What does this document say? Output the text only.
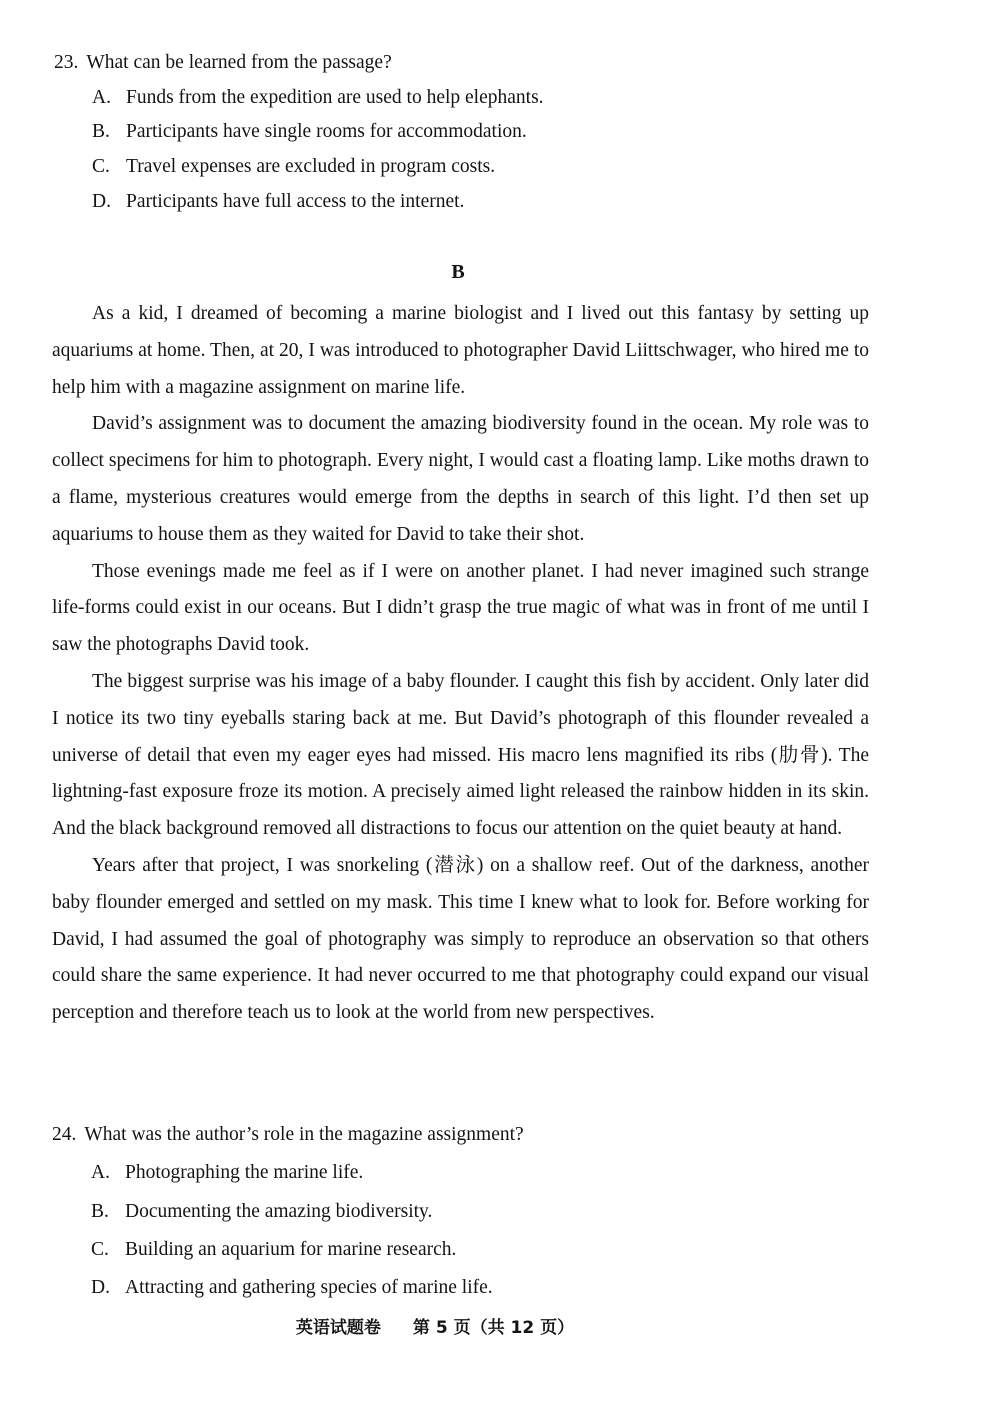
23. What can be learned from the passage?
A. Funds from the expedition are used to help elephants.
B. Participants have single rooms for accommodation.
C. Travel expenses are excluded in program costs.
D. Participants have full access to the internet.
B

As a kid, I dreamed of becoming a marine biologist and I lived out this fantasy by setting up aquariums at home. Then, at 20, I was introduced to photographer David Liittschwager, who hired me to help him with a magazine assignment on marine life.

David’s assignment was to document the amazing biodiversity found in the ocean. My role was to collect specimens for him to photograph. Every night, I would cast a floating lamp. Like moths drawn to a flame, mysterious creatures would emerge from the depths in search of this light. I’d then set up aquariums to house them as they waited for David to take their shot.

Those evenings made me feel as if I were on another planet. I had never imagined such strange life-forms could exist in our oceans. But I didn’t grasp the true magic of what was in front of me until I saw the photographs David took.

The biggest surprise was his image of a baby flounder. I caught this fish by accident. Only later did I notice its two tiny eyeballs staring back at me. But David’s photograph of this flounder revealed a universe of detail that even my eager eyes had missed. His macro lens magnified its ribs (肋骨). The lightning-fast exposure froze its motion. A precisely aimed light released the rainbow hidden in its skin. And the black background removed all distractions to focus our attention on the quiet beauty at hand.

Years after that project, I was snorkeling (潜泳) on a shallow reef. Out of the darkness, another baby flounder emerged and settled on my mask. This time I knew what to look for. Before working for David, I had assumed the goal of photography was simply to reproduce an observation so that others could share the same experience. It had never occurred to me that photography could expand our visual perception and therefore teach us to look at the world from new perspectives.

24. What was the author’s role in the magazine assignment?
A. Photographing the marine life.
B. Documenting the amazing biodiversity.
C. Building an aquarium for marine research.
D. Attracting and gathering species of marine life.
英语试题卷 第 5 页（共 12 页）
